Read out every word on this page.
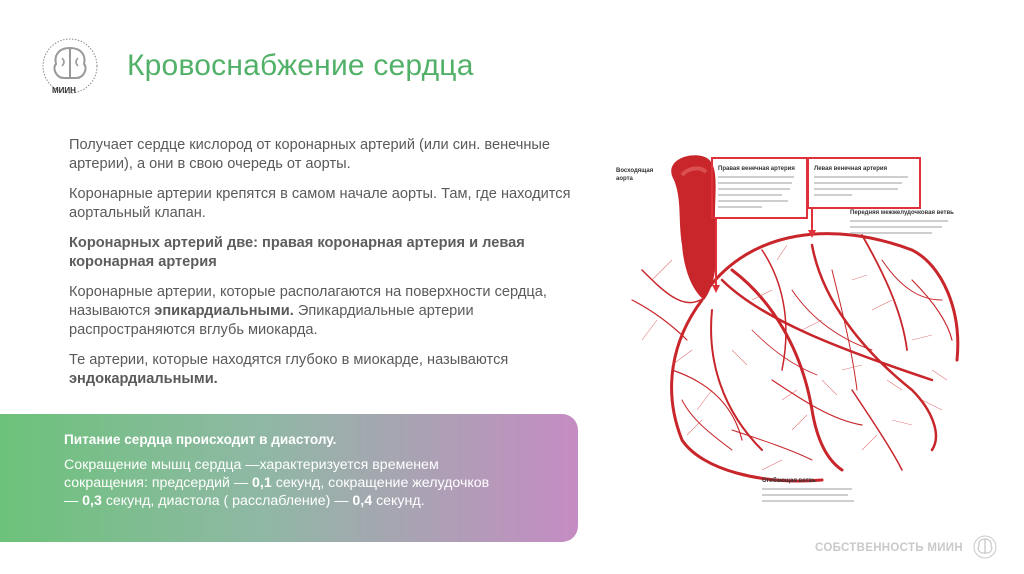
МИИН
Кровоснабжение сердца

Получает сердце кислород от коронарных артерий (или син. венечные артерии), а они в свою очередь от аорты.

Коронарные артерии крепятся в самом начале аорты. Там, где находится аортальный клапан.

Коронарных артерий две: правая коронарная артерия и левая коронарная артерия

Коронарные артерии, которые располагаются на поверхности сердца, называются эпикардиальными. Эпикардиальные артерии распространяются вглубь миокарда.

Те артерии, которые находятся глубоко в миокарде, называются эндокардиальными.

Питание сердца происходит в диастолу.
Сокращение мышц сердца —характеризуется временем сокращения: предсердий — 0,1 секунд, сокращение желудочков — 0,3 секунд, диастола ( расслабление) — 0,4 секунд.
Восходящая
аорта
Правая венечная артерия	Левая венечная артерия
Передняя межжелудочковая ветвь
Огибающая ветвь
СОБСТВЕННОСТЬ МИИН
